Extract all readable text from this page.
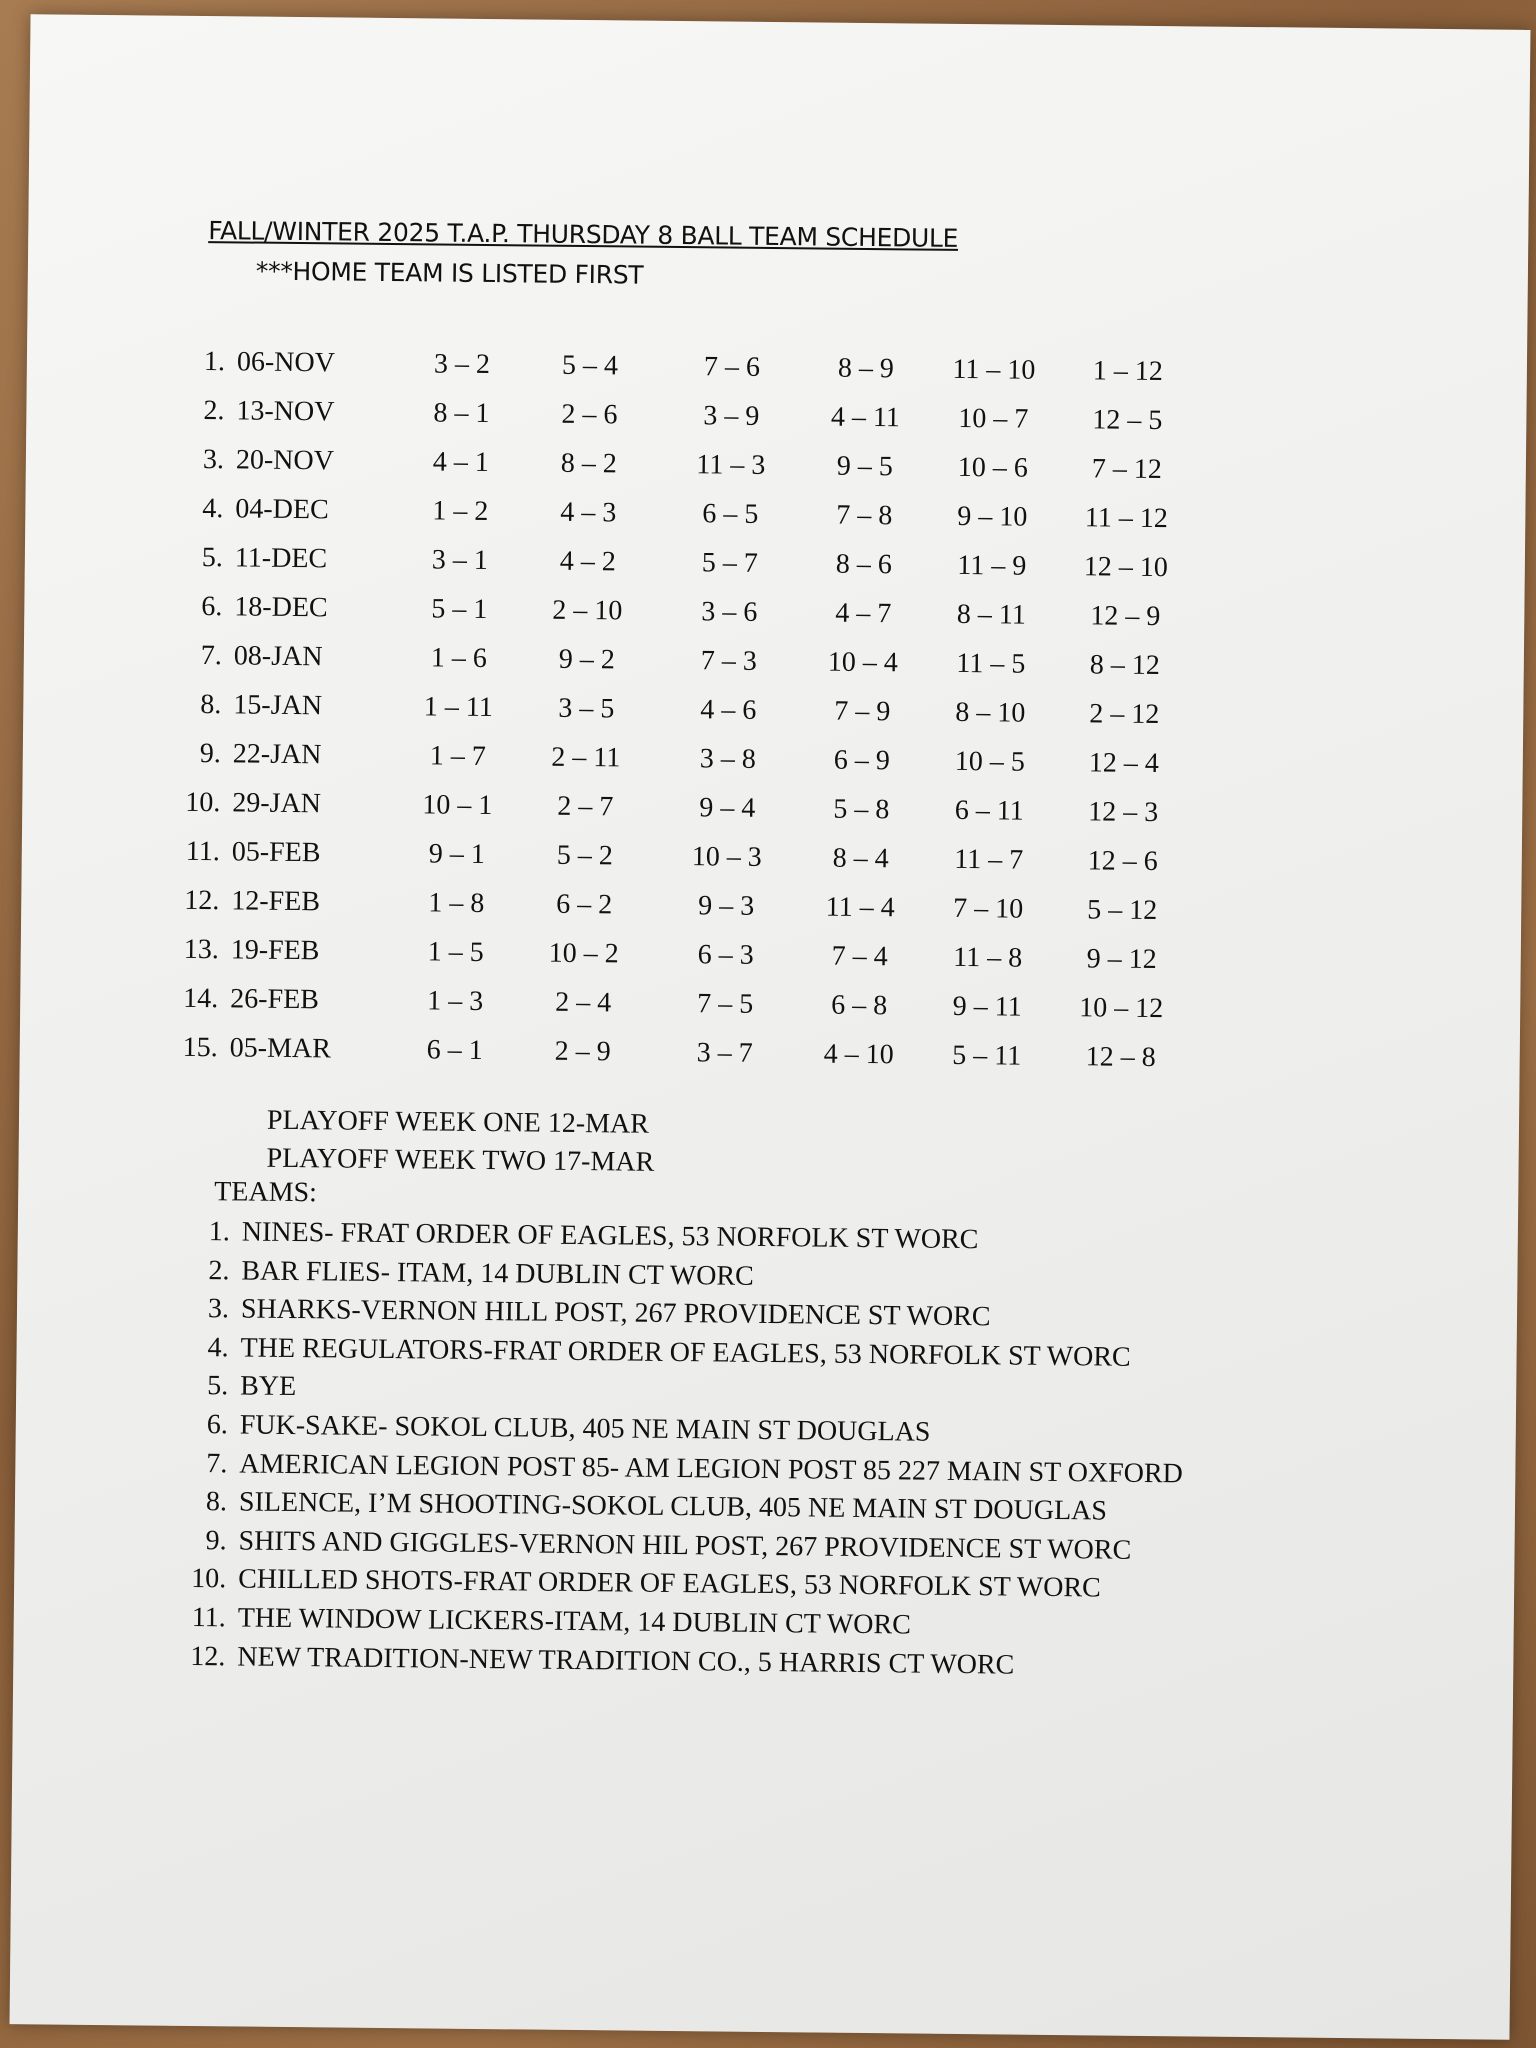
FALL/WINTER 2025 T.A.P. THURSDAY 8 BALL TEAM SCHEDULE
***HOME TEAM IS LISTED FIRST
1. 06-NOV	3 – 2	5 – 4	7 – 6	8 – 9	11 – 10	1 – 12
2. 13-NOV	8 – 1	2 – 6	3 – 9	4 – 11	10 – 7	12 – 5
3. 20-NOV	4 – 1	8 – 2	11 – 3	9 – 5	10 – 6	7 – 12
4. 04-DEC	1 – 2	4 – 3	6 – 5	7 – 8	9 – 10	11 – 12
5. 11-DEC	3 – 1	4 – 2	5 – 7	8 – 6	11 – 9	12 – 10
6. 18-DEC	5 – 1	2 – 10	3 – 6	4 – 7	8 – 11	12 – 9
7. 08-JAN	1 – 6	9 – 2	7 – 3	10 – 4	11 – 5	8 – 12
8. 15-JAN	1 – 11	3 – 5	4 – 6	7 – 9	8 – 10	2 – 12
9. 22-JAN	1 – 7	2 – 11	3 – 8	6 – 9	10 – 5	12 – 4
10. 29-JAN	10 – 1	2 – 7	9 – 4	5 – 8	6 – 11	12 – 3
11. 05-FEB	9 – 1	5 – 2	10 – 3	8 – 4	11 – 7	12 – 6
12. 12-FEB	1 – 8	6 – 2	9 – 3	11 – 4	7 – 10	5 – 12
13. 19-FEB	1 – 5	10 – 2	6 – 3	7 – 4	11 – 8	9 – 12
14. 26-FEB	1 – 3	2 – 4	7 – 5	6 – 8	9 – 11	10 – 12
15. 05-MAR	6 – 1	2 – 9	3 – 7	4 – 10	5 – 11	12 – 8
PLAYOFF WEEK ONE 12-MAR
PLAYOFF WEEK TWO 17-MAR
TEAMS:
1. NINES- FRAT ORDER OF EAGLES, 53 NORFOLK ST WORC
2. BAR FLIES- ITAM, 14 DUBLIN CT WORC
3. SHARKS-VERNON HILL POST, 267 PROVIDENCE ST WORC
4. THE REGULATORS-FRAT ORDER OF EAGLES, 53 NORFOLK ST WORC
5. BYE
6. FUK-SAKE- SOKOL CLUB, 405 NE MAIN ST DOUGLAS
7. AMERICAN LEGION POST 85- AM LEGION POST 85 227 MAIN ST OXFORD
8. SILENCE, I’M SHOOTING-SOKOL CLUB, 405 NE MAIN ST DOUGLAS
9. SHITS AND GIGGLES-VERNON HIL POST, 267 PROVIDENCE ST WORC
10. CHILLED SHOTS-FRAT ORDER OF EAGLES, 53 NORFOLK ST WORC
11. THE WINDOW LICKERS-ITAM, 14 DUBLIN CT WORC
12. NEW TRADITION-NEW TRADITION CO., 5 HARRIS CT WORC
